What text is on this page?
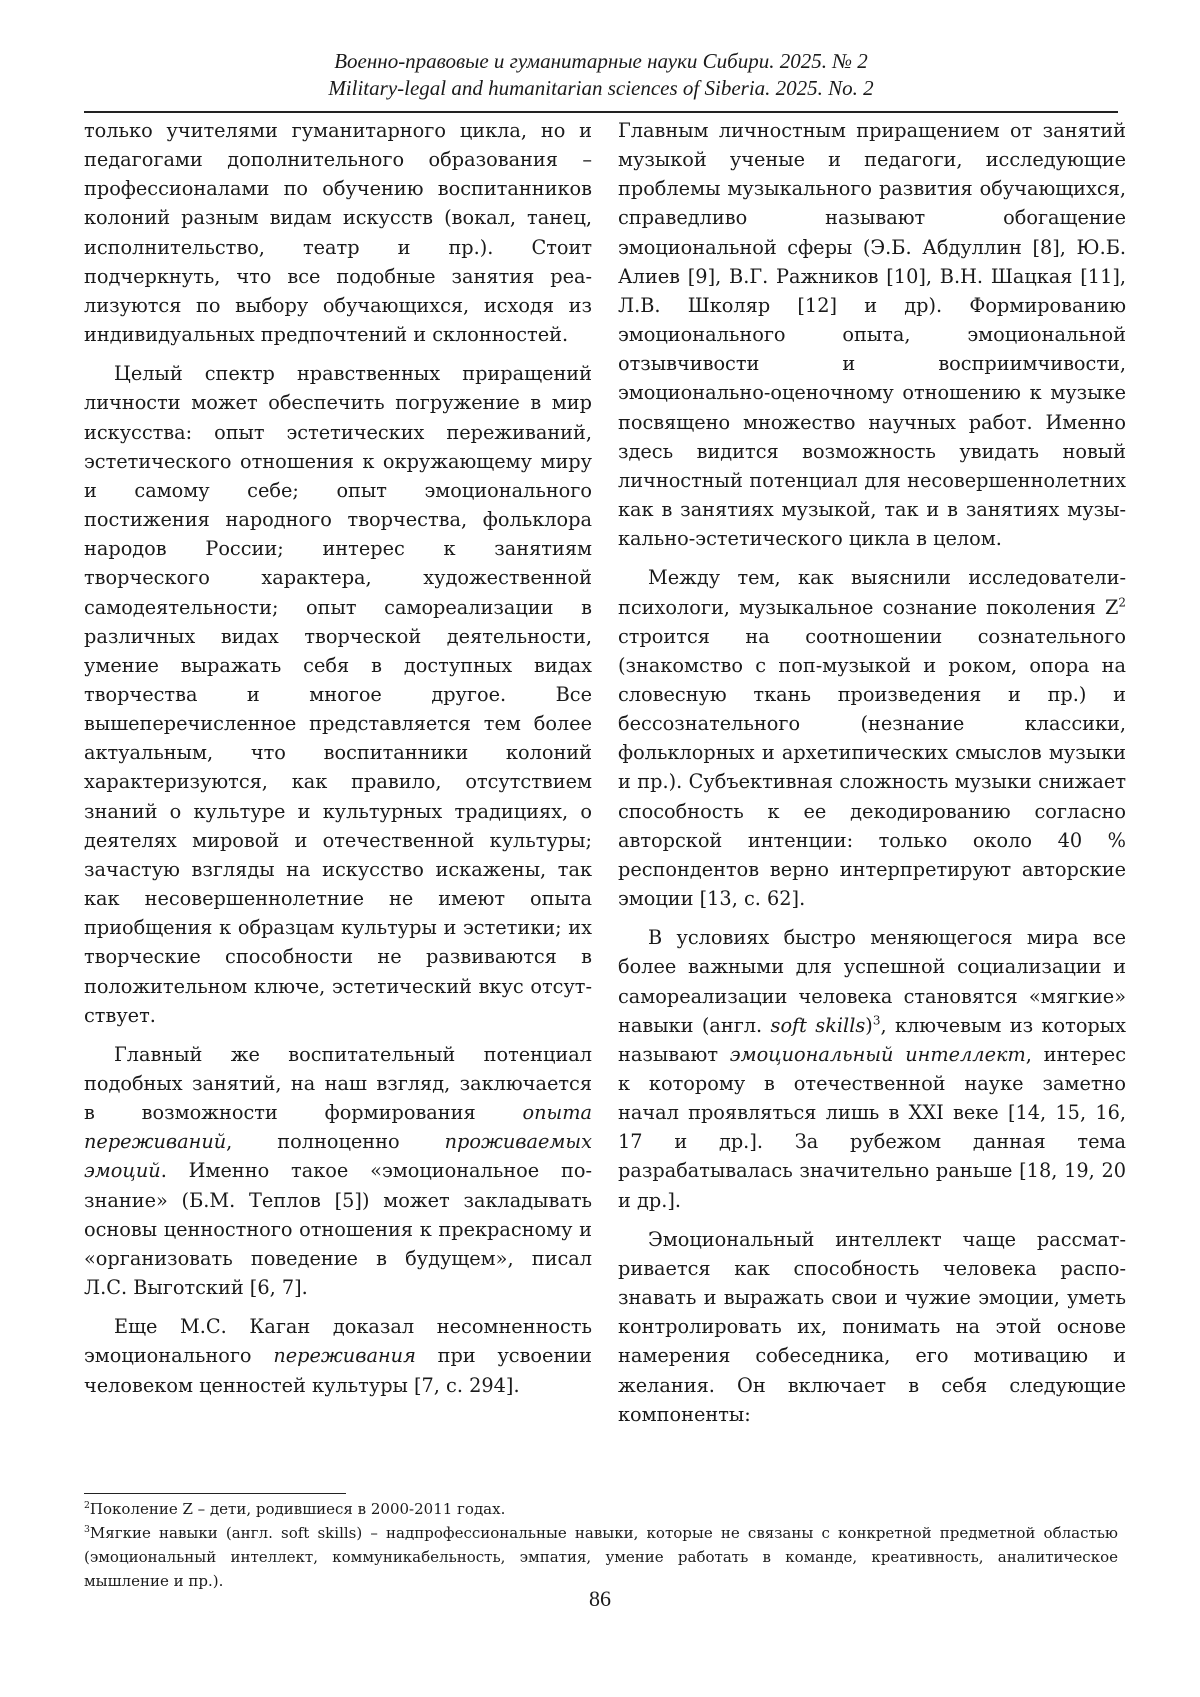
Военно-правовые и гуманитарные науки Сибири. 2025. № 2
Military-legal and humanitarian sciences of Siberia. 2025. No. 2

только учителями гуманитарного цикла, но и педагогами дополнительного образования – профессионалами по обучению воспитанников колоний разным видам искусств (вокал, танец, исполнительство, театр и пр.). Стоит подчеркнуть, что все подобные занятия реализуются по выбору обучающихся, исходя из индивидуальных предпочтений и склонностей.

Целый спектр нравственных приращений личности может обеспечить погружение в мир искусства: опыт эстетических переживаний, эстетического отношения к окружающему миру и самому себе; опыт эмоционального постижения народного творчества, фольклора народов России; интерес к занятиям творческого характера, художественной самодеятельности; опыт самореализации в различных видах творческой деятельности, умение выражать себя в доступных видах творчества и многое другое. Все вышеперечисленное представляется тем более актуальным, что воспитанники колоний характеризуются, как правило, отсутствием знаний о культуре и культурных традициях, о деятелях мировой и отечественной культуры; зачастую взгляды на искусство искажены, так как несовершеннолетние не имеют опыта приобщения к образцам культуры и эстетики; их творческие способности не развиваются в положительном ключе, эстетический вкус отсутствует.

Главный же воспитательный потенциал подобных занятий, на наш взгляд, заключается в возможности формирования опыта переживаний, полноценно проживаемых эмоций. Именно такое «эмоциональное познание» (Б.М. Теплов [5]) может закладывать основы ценностного отношения к прекрасному и «организовать поведение в будущем», писал Л.С. Выготский [6, 7].

Еще М.С. Каган доказал несомненность эмоционального переживания при усвоении человеком ценностей культуры [7, с. 294].

Главным личностным приращением от занятий музыкой ученые и педагоги, исследующие проблемы музыкального развития обучающихся, справедливо называют обогащение эмоциональной сферы (Э.Б. Абдуллин [8], Ю.Б. Алиев [9], В.Г. Ражников [10], В.Н. Шацкая [11], Л.В. Школяр [12] и др). Формированию эмоционального опыта, эмоциональной отзывчивости и восприимчивости, эмоционально-оценочному отношению к музыке посвящено множество научных работ. Именно здесь видится возможность увидать новый личностный потенциал для несовершеннолетних как в занятиях музыкой, так и в занятиях музыкально-эстетического цикла в целом.

Между тем, как выяснили исследователи-психологи, музыкальное сознание поколения $Z^2$ строится на соотношении сознательного (знакомство с поп-музыкой и роком, опора на словесную ткань произведения и пр.) и бессознательного (незнание классики, фольклорных и архетипических смыслов музыки и пр.). Субъективная сложность музыки снижает способность к ее декодированию согласно авторской интенции: только около 40 % респондентов верно интерпретируют авторские эмоции [13, с. 62].

В условиях быстро меняющегося мира все более важными для успешной социализации и самореализации человека становятся «мягкие» навыки (англ. soft skills)$^3$, ключевым из которых называют эмоциональный интеллект, интерес к которому в отечественной науке заметно начал проявляться лишь в XXI веке [14, 15, 16, 17 и др.]. За рубежом данная тема разрабатывалась значительно раньше [18, 19, 20 и др.].

Эмоциональный интеллект чаще рассматривается как способность человека распознавать и выражать свои и чужие эмоции, уметь контролировать их, понимать на этой основе намерения собеседника, его мотивацию и желания. Он включает в себя следующие компоненты:

$^2$Поколение Z – дети, родившиеся в 2000-2011 годах.

$^3$Мягкие навыки (англ. soft skills) – надпрофессиональные навыки, которые не связаны с конкретной предметной областью (эмоциональный интеллект, коммуникабельность, эмпатия, умение работать в команде, креативность, аналитическое мышление и пр.).

86
